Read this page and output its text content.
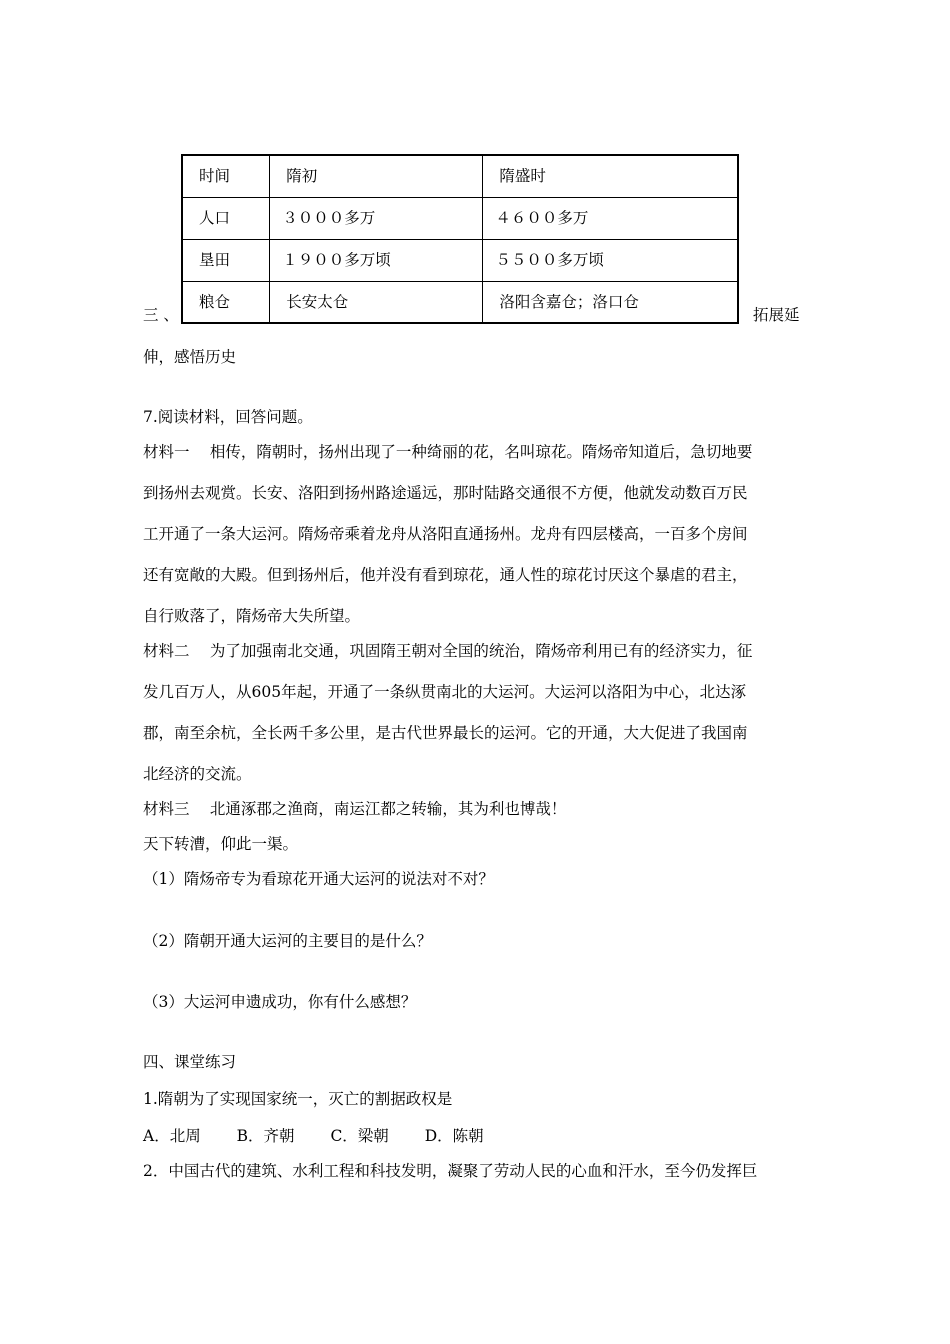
时间	隋初	隋盛时
人口	３０００多万	４６００多万
垦田	１９００多万顷	５５００多万顷
粮仓	长安太仓	洛阳含嘉仓；洛口仓
三 、	拓展延
伸，感悟历史
7.阅读材料，回答问题。
材料一　 相传，隋朝时，扬州出现了一种绮丽的花，名叫琼花。隋炀帝知道后，急切地要
到扬州去观赏。长安、洛阳到扬州路途遥远，那时陆路交通很不方便，他就发动数百万民
工开通了一条大运河。隋炀帝乘着龙舟从洛阳直通扬州。龙舟有四层楼高，一百多个房间
还有宽敞的大殿。但到扬州后，他并没有看到琼花，通人性的琼花讨厌这个暴虐的君主，
自行败落了，隋炀帝大失所望。
材料二　 为了加强南北交通，巩固隋王朝对全国的统治，隋炀帝利用已有的经济实力，征
发几百万人，从605年起，开通了一条纵贯南北的大运河。大运河以洛阳为中心，北达涿
郡，南至余杭，全长两千多公里，是古代世界最长的运河。它的开通，大大促进了我国南
北经济的交流。
材料三　 北通涿郡之渔商，南运江都之转输，其为利也博哉！
天下转漕，仰此一渠。
（1）隋炀帝专为看琼花开通大运河的说法对不对？
（2）隋朝开通大运河的主要目的是什么？
（3）大运河申遗成功，你有什么感想？
四、课堂练习
1.隋朝为了实现国家统一，灭亡的割据政权是
A．北周　　 B．齐朝　　 C．梁朝　　 D．陈朝
2．中国古代的建筑、水利工程和科技发明，凝聚了劳动人民的心血和汗水，至今仍发挥巨
